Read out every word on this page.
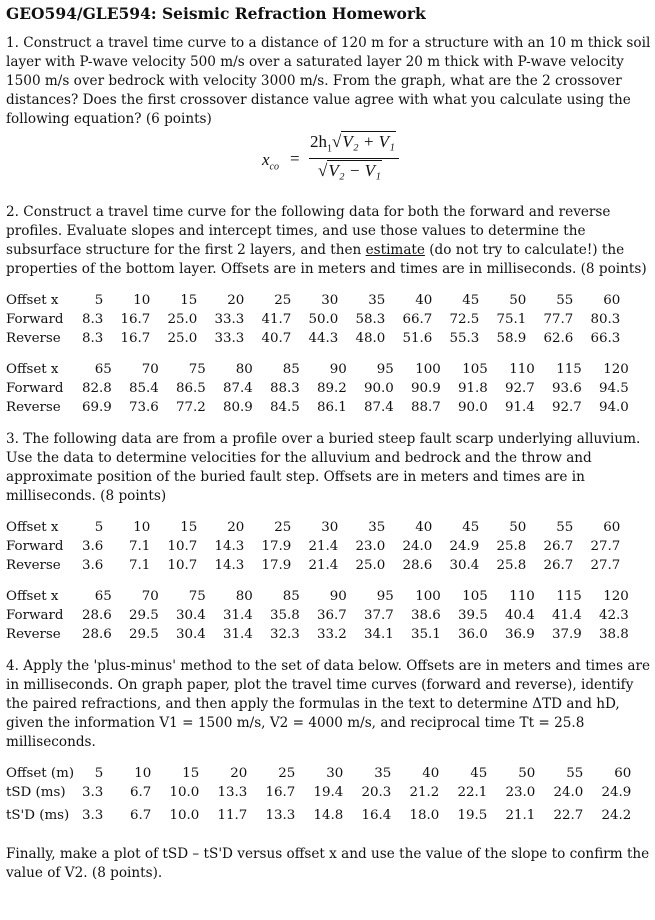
GEO594/GLE594: Seismic Refraction Homework

1. Construct a travel time curve to a distance of 120 m for a structure with an 10 m thick soil layer with P-wave velocity 500 m/s over a saturated layer 20 m thick with P-wave velocity 1500 m/s over bedrock with velocity 3000 m/s. From the graph, what are the 2 crossover distances? Does the first crossover distance value agree with what you calculate using the following equation? (6 points)

$x_{co}$ =
$2h_1√V_2 + V_1$
√V₂ − V₁

2. Construct a travel time curve for the following data for both the forward and reverse profiles. Evaluate slopes and intercept times, and use those values to determine the subsurface structure for the first 2 layers, and then estimate (do not try to calculate!) the properties of the bottom layer. Offsets are in meters and times are in milliseconds. (8 points)

Offset x	5	10	15	20	25	30	35	40	45	50	55	60
Forward	8.3	16.7	25.0	33.3	41.7	50.0	58.3	66.7	72.5	75.1	77.7	80.3
Reverse	8.3	16.7	25.0	33.3	40.7	44.3	48.0	51.6	55.3	58.9	62.6	66.3
Offset x	65	70	75	80	85	90	95	100	105	110	115	120
Forward	82.8	85.4	86.5	87.4	88.3	89.2	90.0	90.9	91.8	92.7	93.6	94.5
Reverse	69.9	73.6	77.2	80.9	84.5	86.1	87.4	88.7	90.0	91.4	92.7	94.0

3. The following data are from a profile over a buried steep fault scarp underlying alluvium. Use the data to determine velocities for the alluvium and bedrock and the throw and approximate position of the buried fault step. Offsets are in meters and times are in milliseconds. (8 points)

Offset x	5	10	15	20	25	30	35	40	45	50	55	60
Forward	3.6	7.1	10.7	14.3	17.9	21.4	23.0	24.0	24.9	25.8	26.7	27.7
Reverse	3.6	7.1	10.7	14.3	17.9	21.4	25.0	28.6	30.4	25.8	26.7	27.7
Offset x	65	70	75	80	85	90	95	100	105	110	115	120
Forward	28.6	29.5	30.4	31.4	35.8	36.7	37.7	38.6	39.5	40.4	41.4	42.3
Reverse	28.6	29.5	30.4	31.4	32.3	33.2	34.1	35.1	36.0	36.9	37.9	38.8

4. Apply the 'plus-minus' method to the set of data below. Offsets are in meters and times are in milliseconds. On graph paper, plot the travel time curves (forward and reverse), identify the paired refractions, and then apply the formulas in the text to determine ΔTD and hD, given the information V1 = 1500 m/s, V2 = 4000 m/s, and reciprocal time Tt = 25.8 milliseconds.

Offset (m)	5	10	15	20	25	30	35	40	45	50	55	60
tSD (ms)	3.3	6.7	10.0	13.3	16.7	19.4	20.3	21.2	22.1	23.0	24.0	24.9
tS'D (ms)	3.3	6.7	10.0	11.7	13.3	14.8	16.4	18.0	19.5	21.1	22.7	24.2

Finally, make a plot of tSD – tS'D versus offset x and use the value of the slope to confirm the value of V2. (8 points).
